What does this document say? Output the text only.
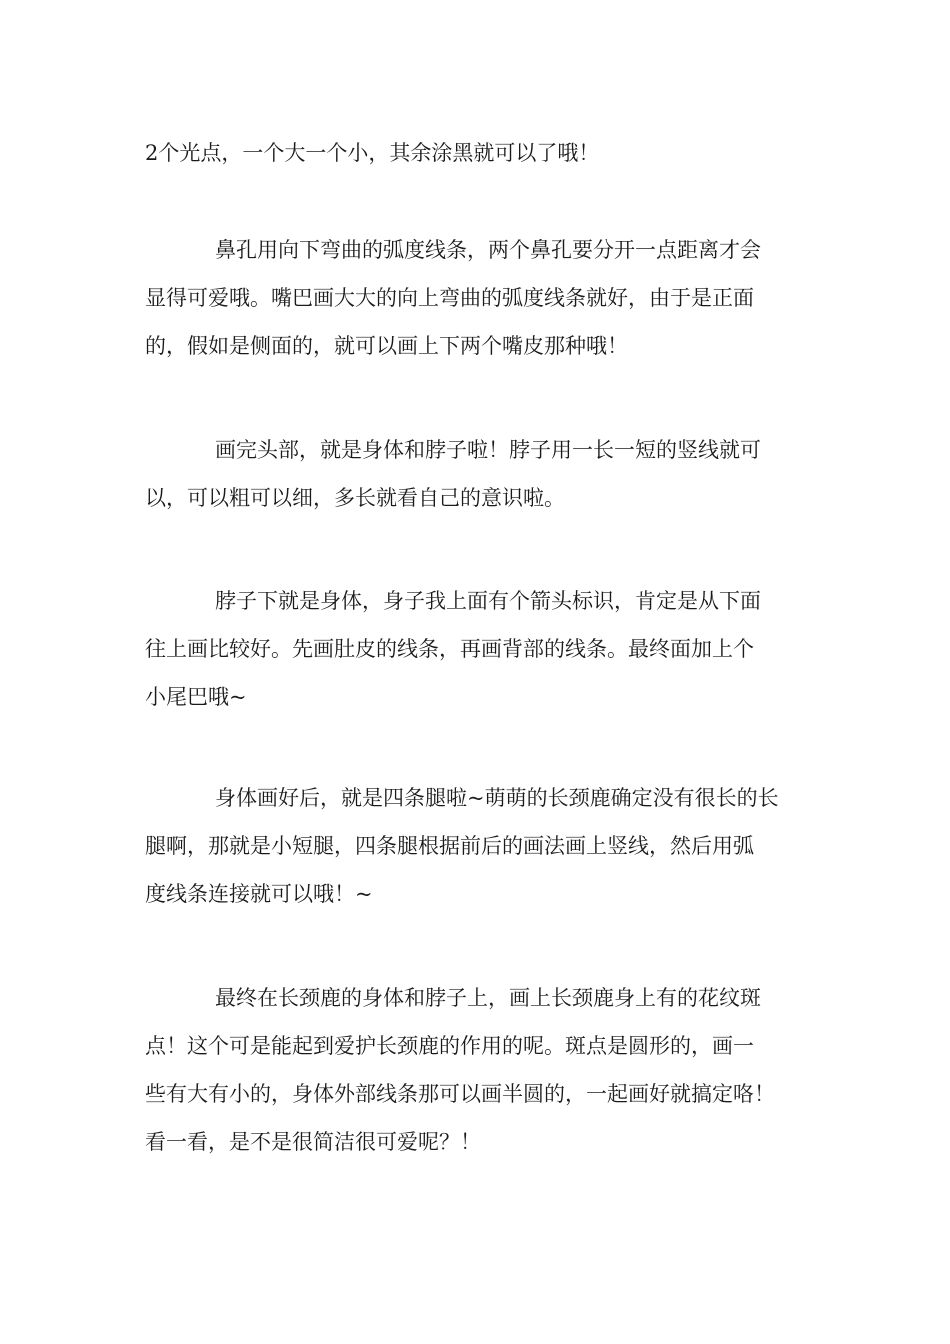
2个光点，一个大一个小，其余涂黑就可以了哦！

鼻孔用向下弯曲的弧度线条，两个鼻孔要分开一点距离才会
显得可爱哦。嘴巴画大大的向上弯曲的弧度线条就好，由于是正面
的，假如是侧面的，就可以画上下两个嘴皮那种哦！

画完头部，就是身体和脖子啦！脖子用一长一短的竖线就可
以，可以粗可以细，多长就看自己的意识啦。

脖子下就是身体，身子我上面有个箭头标识，肯定是从下面
往上画比较好。先画肚皮的线条，再画背部的线条。最终面加上个
小尾巴哦~

身体画好后，就是四条腿啦~萌萌的长颈鹿确定没有很长的长
腿啊，那就是小短腿，四条腿根据前后的画法画上竖线，然后用弧
度线条连接就可以哦！~

最终在长颈鹿的身体和脖子上，画上长颈鹿身上有的花纹斑
点！这个可是能起到爱护长颈鹿的作用的呢。斑点是圆形的，画一
些有大有小的，身体外部线条那可以画半圆的，一起画好就搞定咯！
看一看，是不是很简洁很可爱呢？！
